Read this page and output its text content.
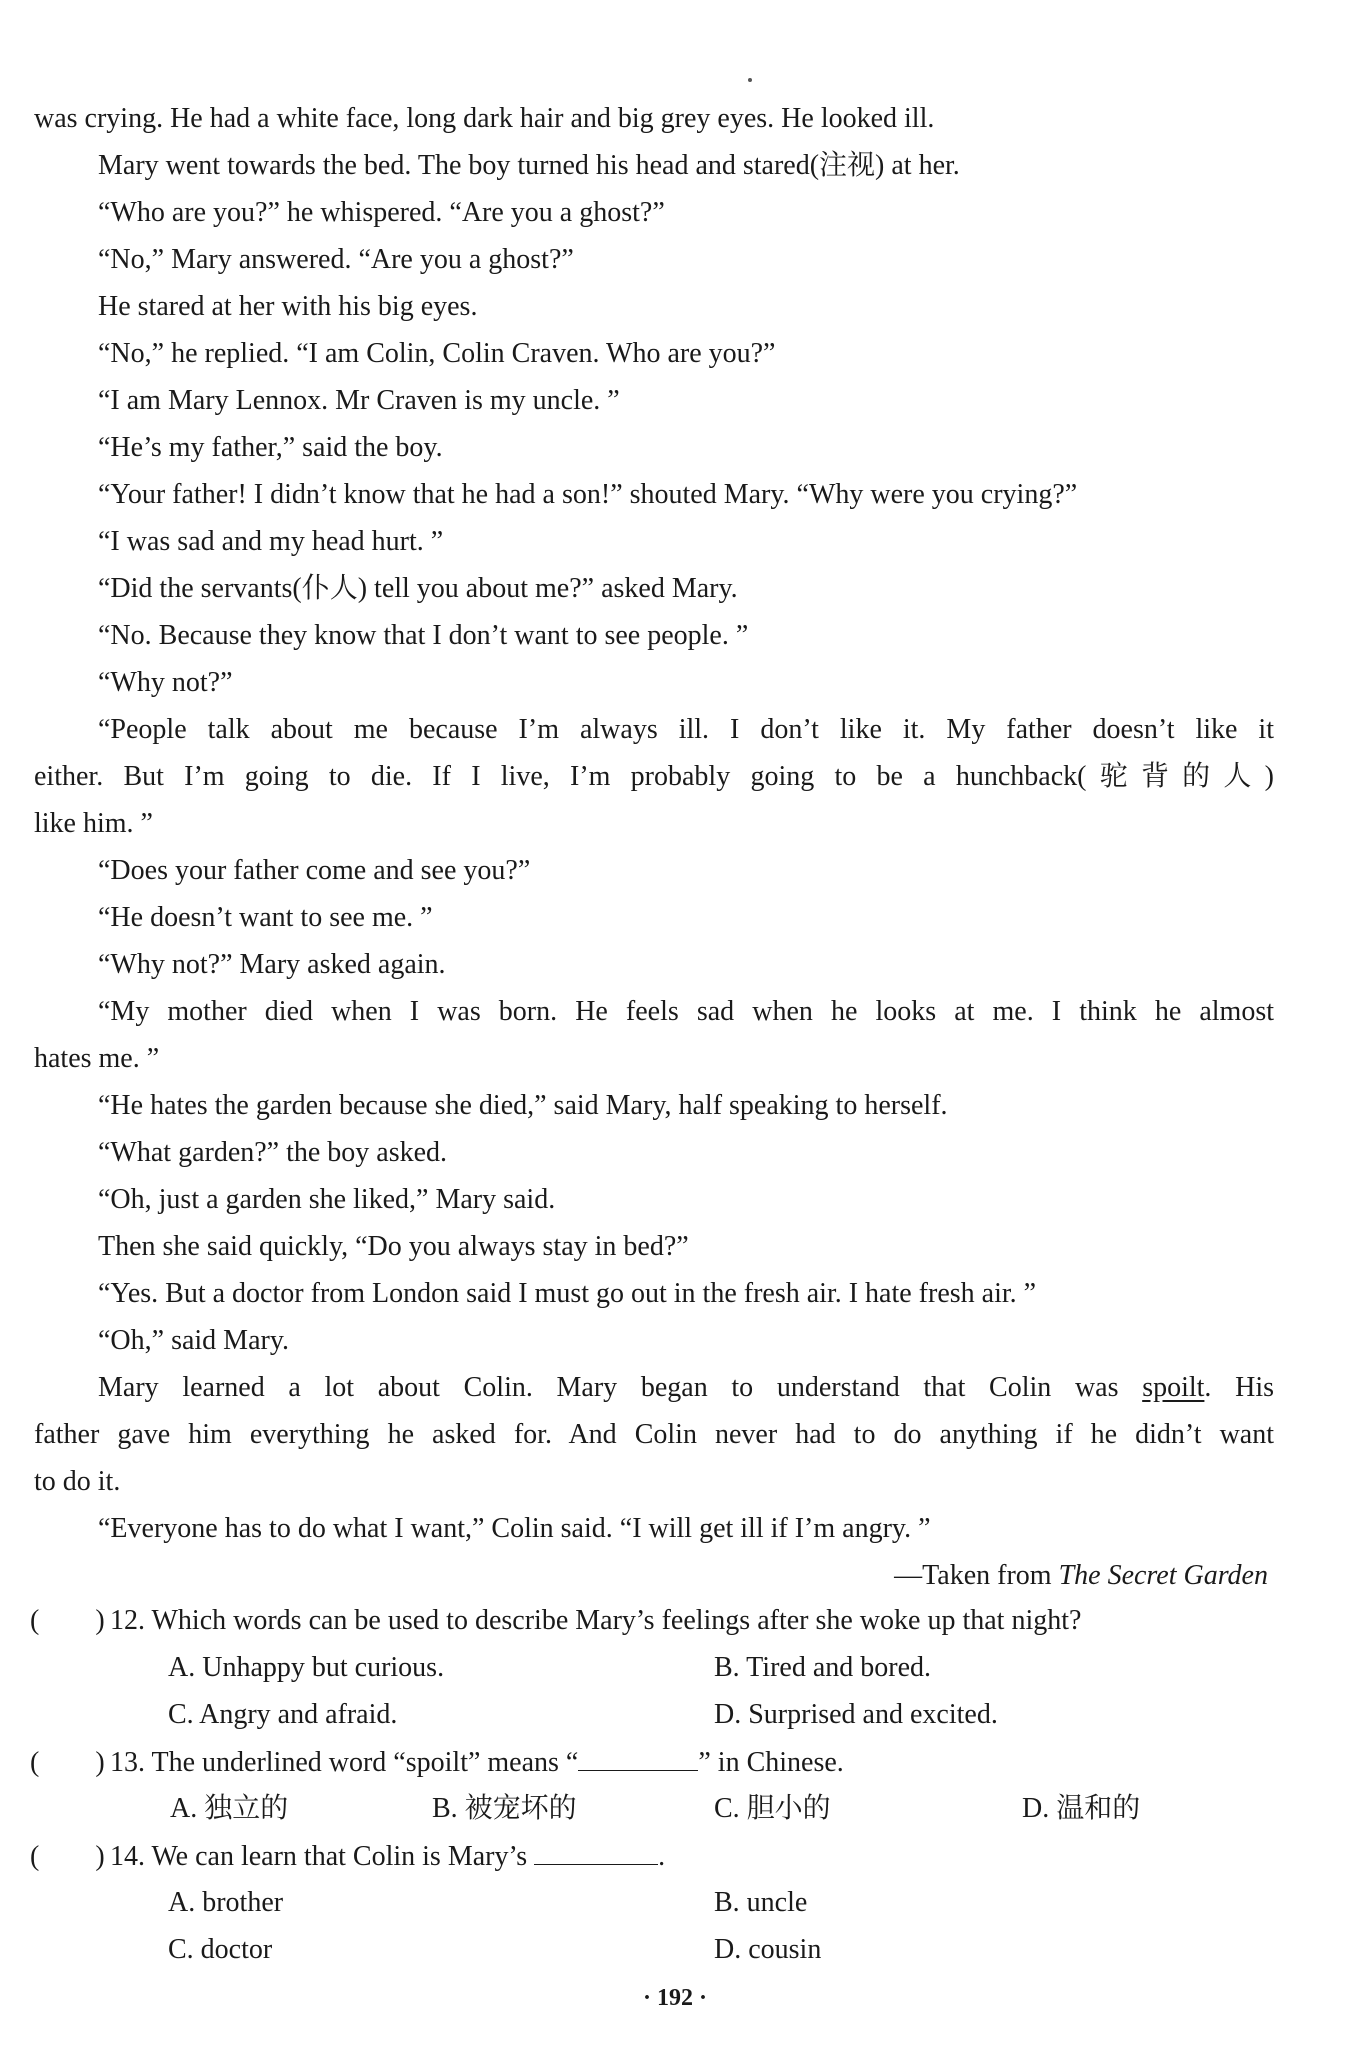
was crying. He had a white face, long dark hair and big grey eyes. He looked ill.
Mary went towards the bed. The boy turned his head and stared(注视) at her.
“Who are you?” he whispered. “Are you a ghost?”
“No,” Mary answered. “Are you a ghost?”
He stared at her with his big eyes.
“No,” he replied. “I am Colin, Colin Craven. Who are you?”
“I am Mary Lennox. Mr Craven is my uncle. ”
“He’s my father,” said the boy.
“Your father! I didn’t know that he had a son!” shouted Mary. “Why were you crying?”
“I was sad and my head hurt. ”
“Did the servants(仆人) tell you about me?” asked Mary.
“No. Because they know that I don’t want to see people. ”
“Why not?”
“People talk about me because I’m always ill. I don’t like it. My father doesn’t like it
either. But I’m going to die. If I live, I’m probably going to be a hunchback(驼背的人)
like him. ”
“Does your father come and see you?”
“He doesn’t want to see me. ”
“Why not?” Mary asked again.
“My mother died when I was born. He feels sad when he looks at me. I think he almost
hates me. ”
“He hates the garden because she died,” said Mary, half speaking to herself.
“What garden?” the boy asked.
“Oh, just a garden she liked,” Mary said.
Then she said quickly, “Do you always stay in bed?”
“Yes. But a doctor from London said I must go out in the fresh air. I hate fresh air. ”
“Oh,” said Mary.
Mary learned a lot about Colin. Mary began to understand that Colin was spoilt. His
father gave him everything he asked for. And Colin never had to do anything if he didn’t want
to do it.
“Everyone has to do what I want,” Colin said. “I will get ill if I’m angry. ”
—Taken from The Secret Garden
( ) 12. Which words can be used to describe Mary’s feelings after she woke up that night?
A. Unhappy but curious.	B. Tired and bored.
C. Angry and afraid.	D. Surprised and excited.
( ) 13. The underlined word “spoilt” means “	” in Chinese.
A. 独立的	B. 被宠坏的	C. 胆小的	D. 温和的
( ) 14. We can learn that Colin is Mary’s	.
A. brother	B. uncle
C. doctor	D. cousin
· 192 ·
